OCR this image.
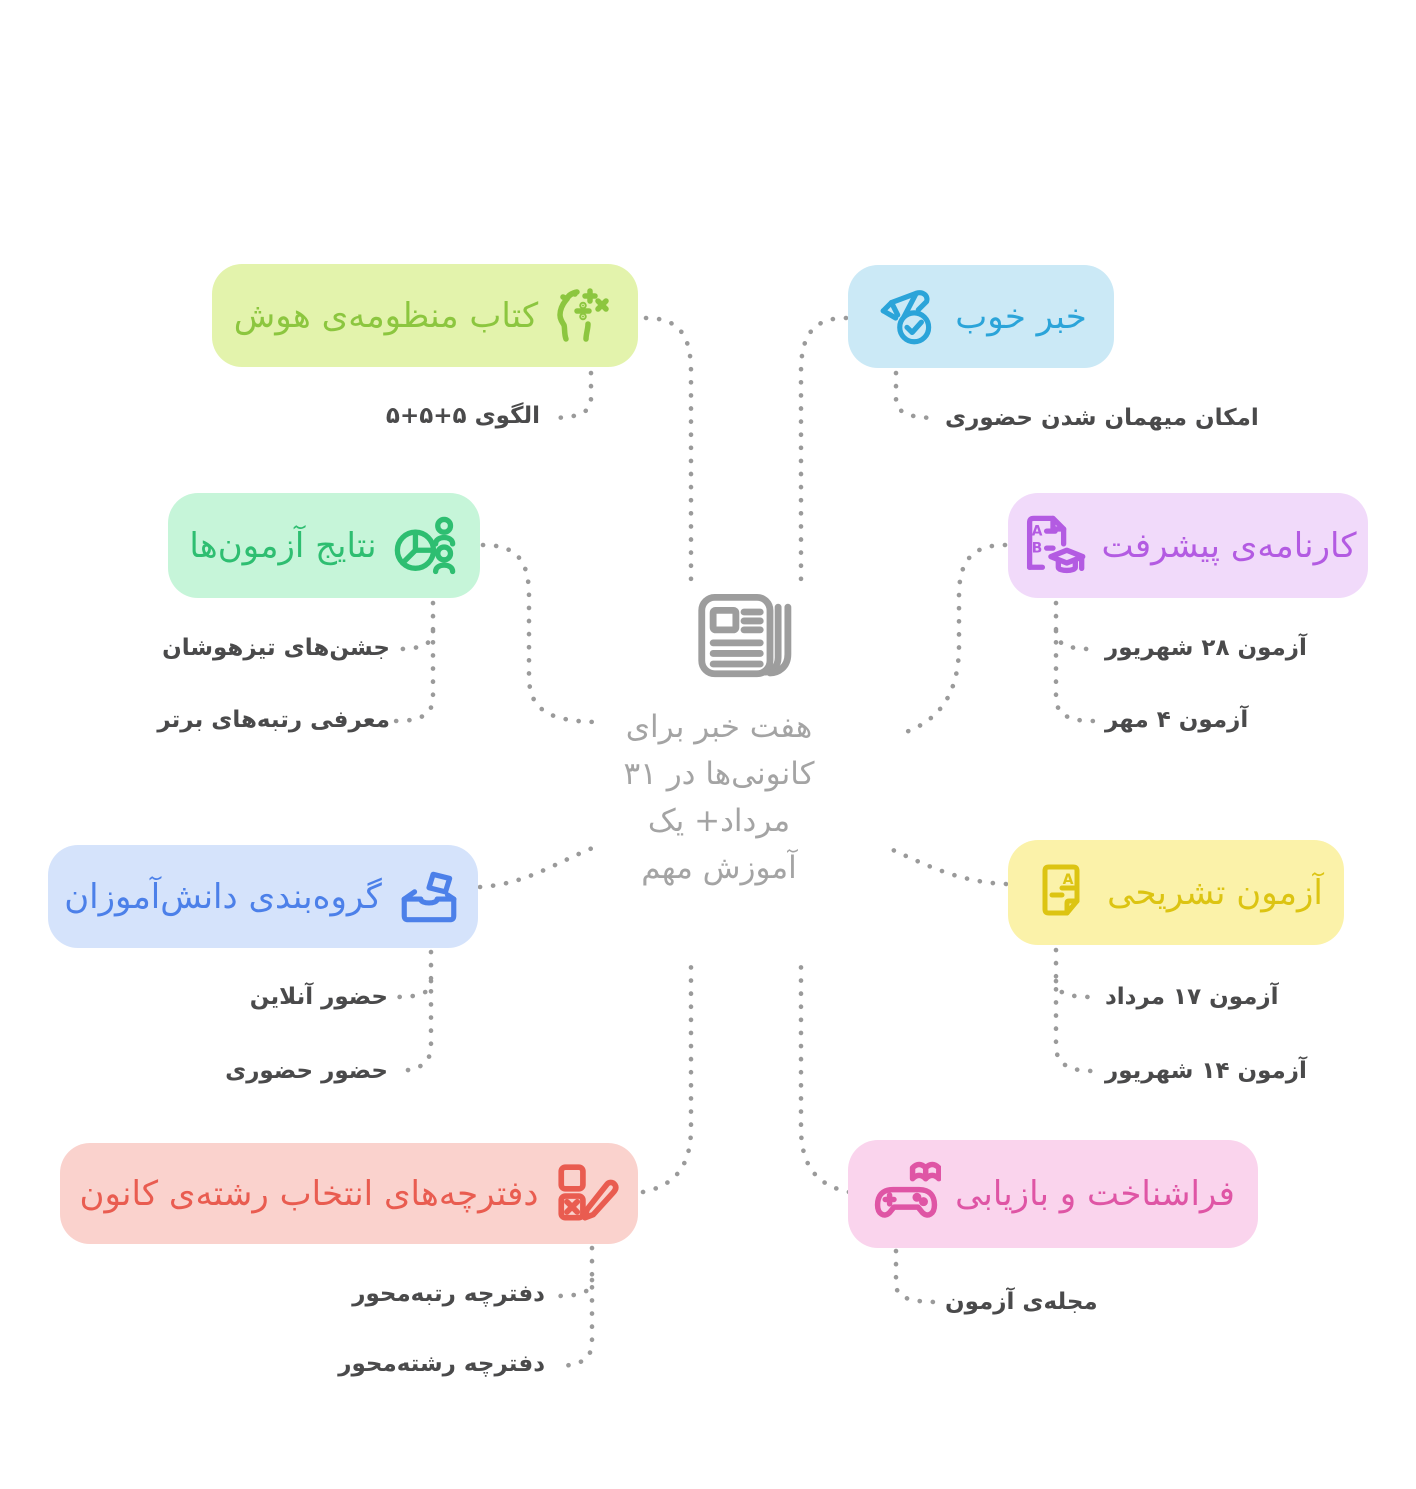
هفت خبر برای
کانونی‌ها در ۳۱
مرداد+ یک
آموزش مهم
کتاب منظومه‌ی هوش
الگوی ۵+۵+۵
خبر خوب
امکان میهمان شدن حضوری
نتایج آزمون‌ها
جشن‌های تیزهوشان
معرفی رتبه‌های برتر
کارنامه‌ی پیشرفت
A
B
آزمون ۲۸ شهریور
آزمون ۴ مهر
گروه‌بندی دانش‌آموزان
حضور آنلاین
حضور حضوری
آزمون تشریحی
A
آزمون ۱۷ مرداد
آزمون ۱۴ شهریور
دفترچه‌های انتخاب رشته‌ی کانون
دفترچه رتبه‌محور
دفترچه رشته‌محور
فراشناخت و بازیابی
مجله‌ی آزمون
